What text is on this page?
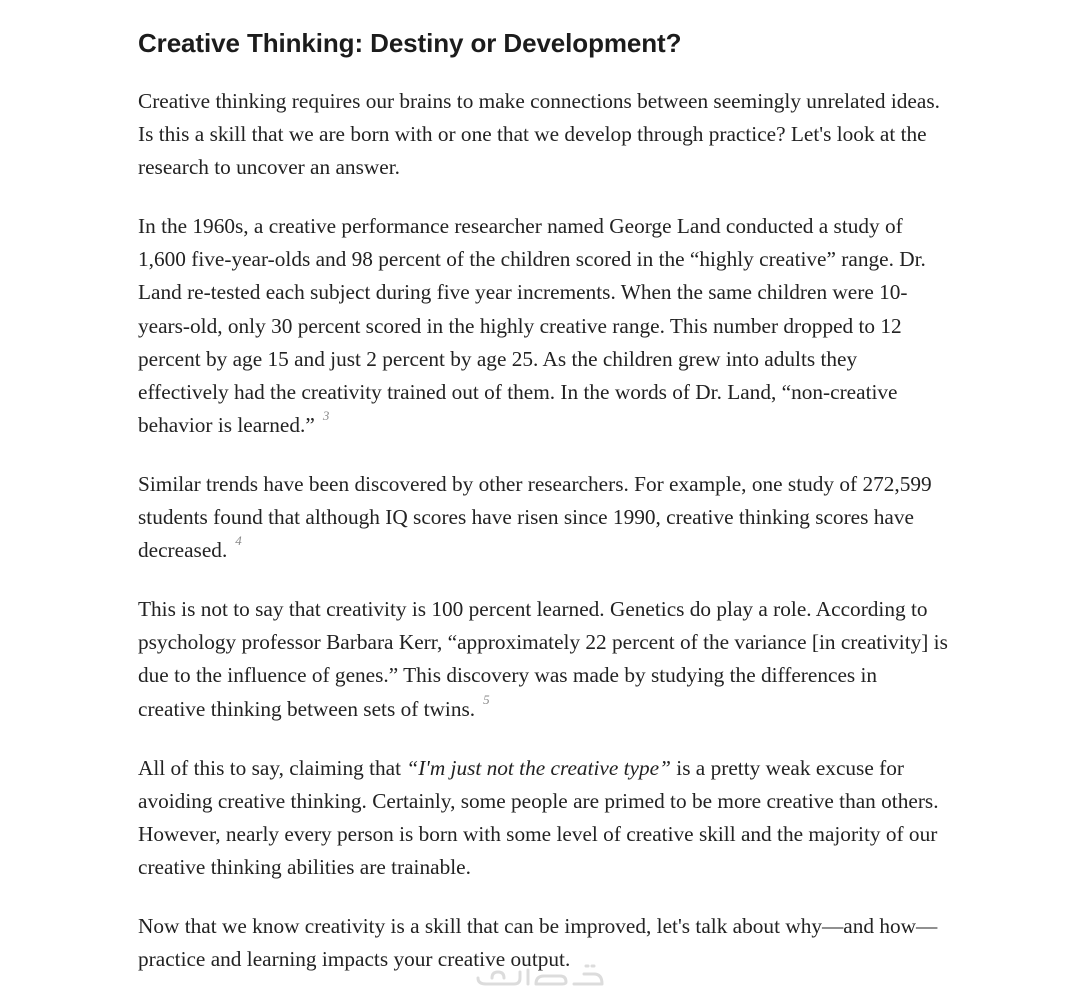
Creative Thinking: Destiny or Development?

Creative thinking requires our brains to make connections between seemingly unrelated ideas. Is this a skill that we are born with or one that we develop through practice? Let's look at the research to uncover an answer.

In the 1960s, a creative performance researcher named George Land conducted a study of 1,600 five-year-olds and 98 percent of the children scored in the “highly creative” range. Dr. Land re-tested each subject during five year increments. When the same children were 10-years-old, only 30 percent scored in the highly creative range. This number dropped to 12 percent by age 15 and just 2 percent by age 25. As the children grew into adults they effectively had the creativity trained out of them. In the words of Dr. Land, “non-creative behavior is learned.” $^3$

Similar trends have been discovered by other researchers. For example, one study of 272,599 students found that although IQ scores have risen since 1990, creative thinking scores have decreased. $^4$

This is not to say that creativity is 100 percent learned. Genetics do play a role. According to psychology professor Barbara Kerr, “approximately 22 percent of the variance [in creativity] is due to the influence of genes.” This discovery was made by studying the differences in creative thinking between sets of twins. $^5$

All of this to say, claiming that “I'm just not the creative type” is a pretty weak excuse for avoiding creative thinking. Certainly, some people are primed to be more creative than others. However, nearly every person is born with some level of creative skill and the majority of our creative thinking abilities are trainable.

Now that we know creativity is a skill that can be improved, let's talk about why—and how—practice and learning impacts your creative output.
